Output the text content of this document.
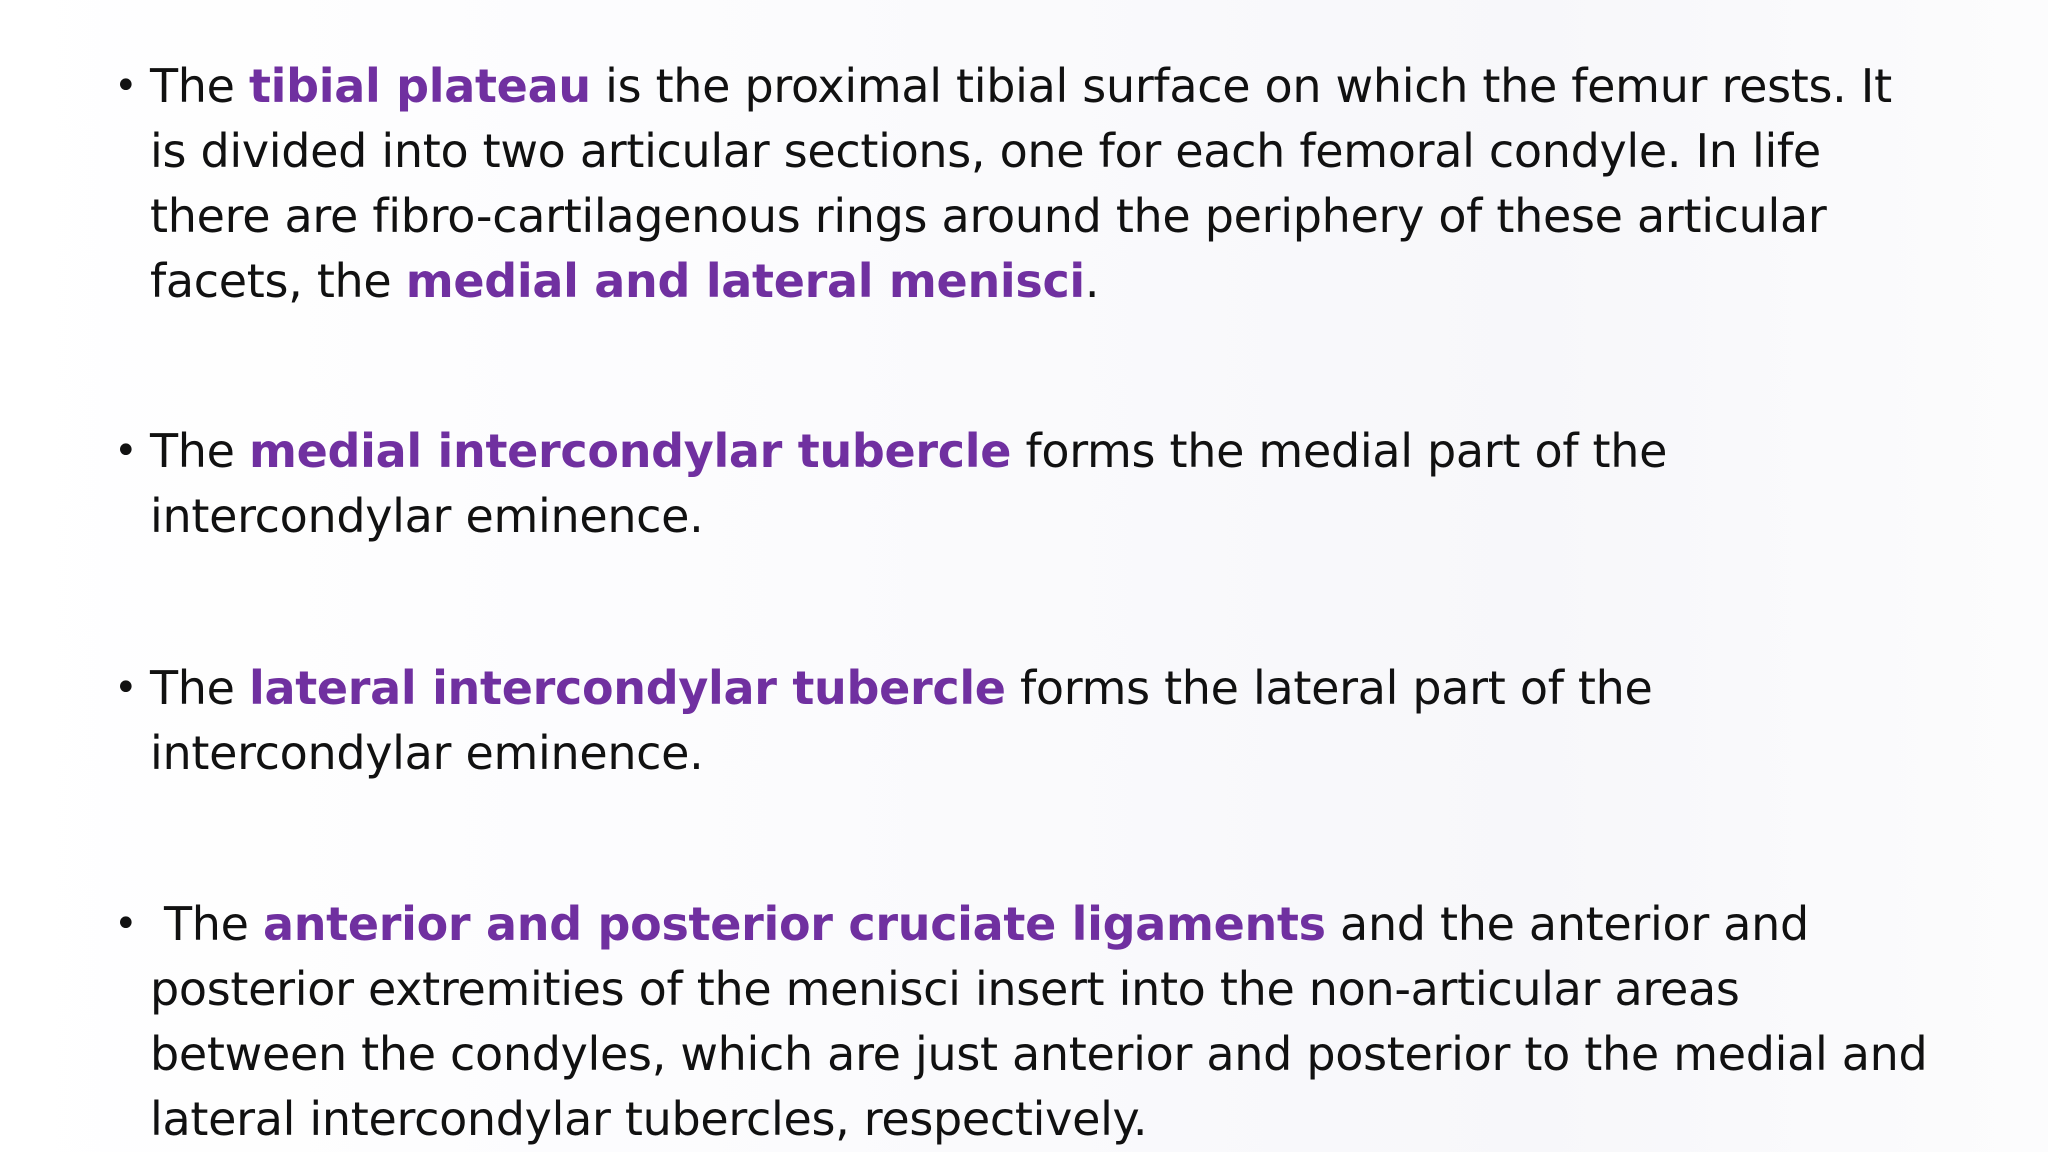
• The tibial plateau is the proximal tibial surface on which the femur rests. It is divided into two articular sections, one for each femoral condyle. In life there are fibro-cartilagenous rings around the periphery of these articular facets, the medial and lateral menisci.
• The medial intercondylar tubercle forms the medial part of the intercondylar eminence.
• The lateral intercondylar tubercle forms the lateral part of the intercondylar eminence.
• The anterior and posterior cruciate ligaments and the anterior and posterior extremities of the menisci insert into the non-articular areas between the condyles, which are just anterior and posterior to the medial and lateral intercondylar tubercles, respectively.
